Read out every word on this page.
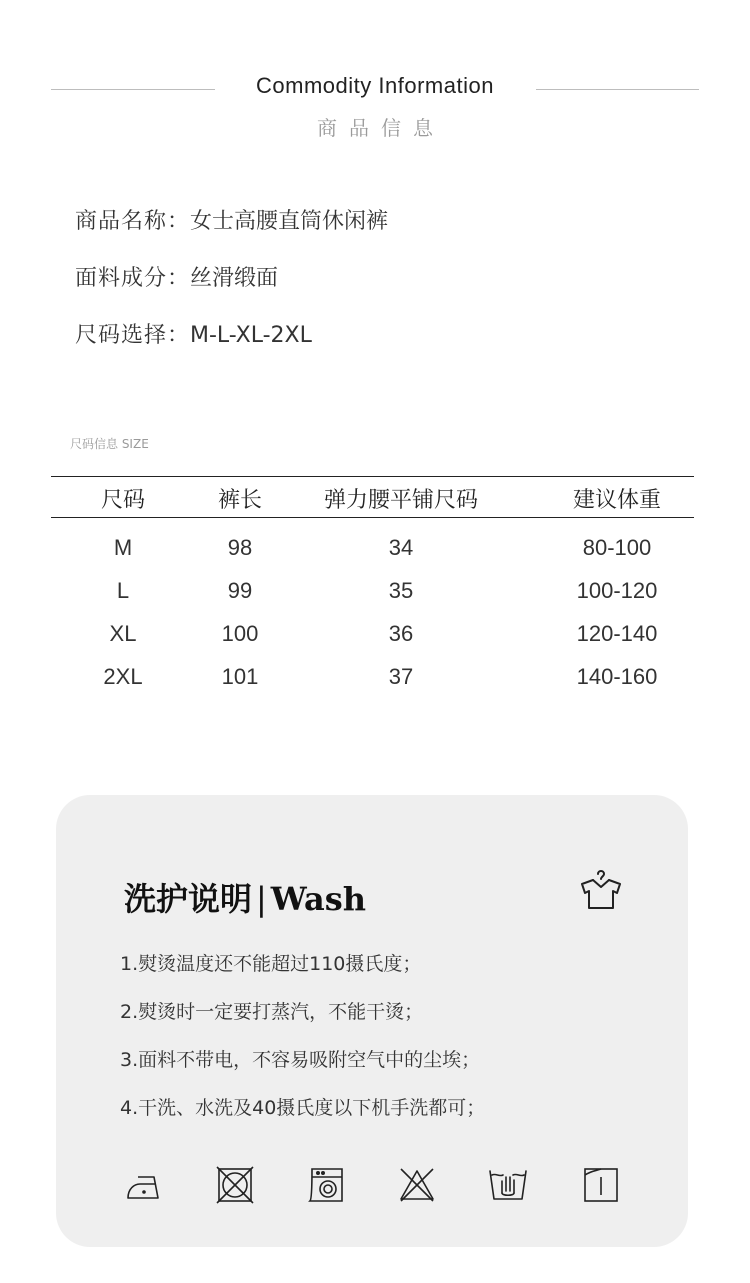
Commodity Information
商品信息
商品名称：女士高腰直筒休闲裤
面料成分：丝滑缎面
尺码选择：M-L-XL-2XL
尺码信息 SIZE
尺码	裤长	弹力腰平铺尺码	建议体重
M	98	34	80-100
L	99	35	100-120
XL	100	36	120-140
2XL	101	37	140-160
洗护说明 | Wash
1.熨烫温度还不能超过110摄氏度；
2.熨烫时一定要打蒸汽，不能干烫；
3.面料不带电，不容易吸附空气中的尘埃；
4.干洗、水洗及40摄氏度以下机手洗都可；
